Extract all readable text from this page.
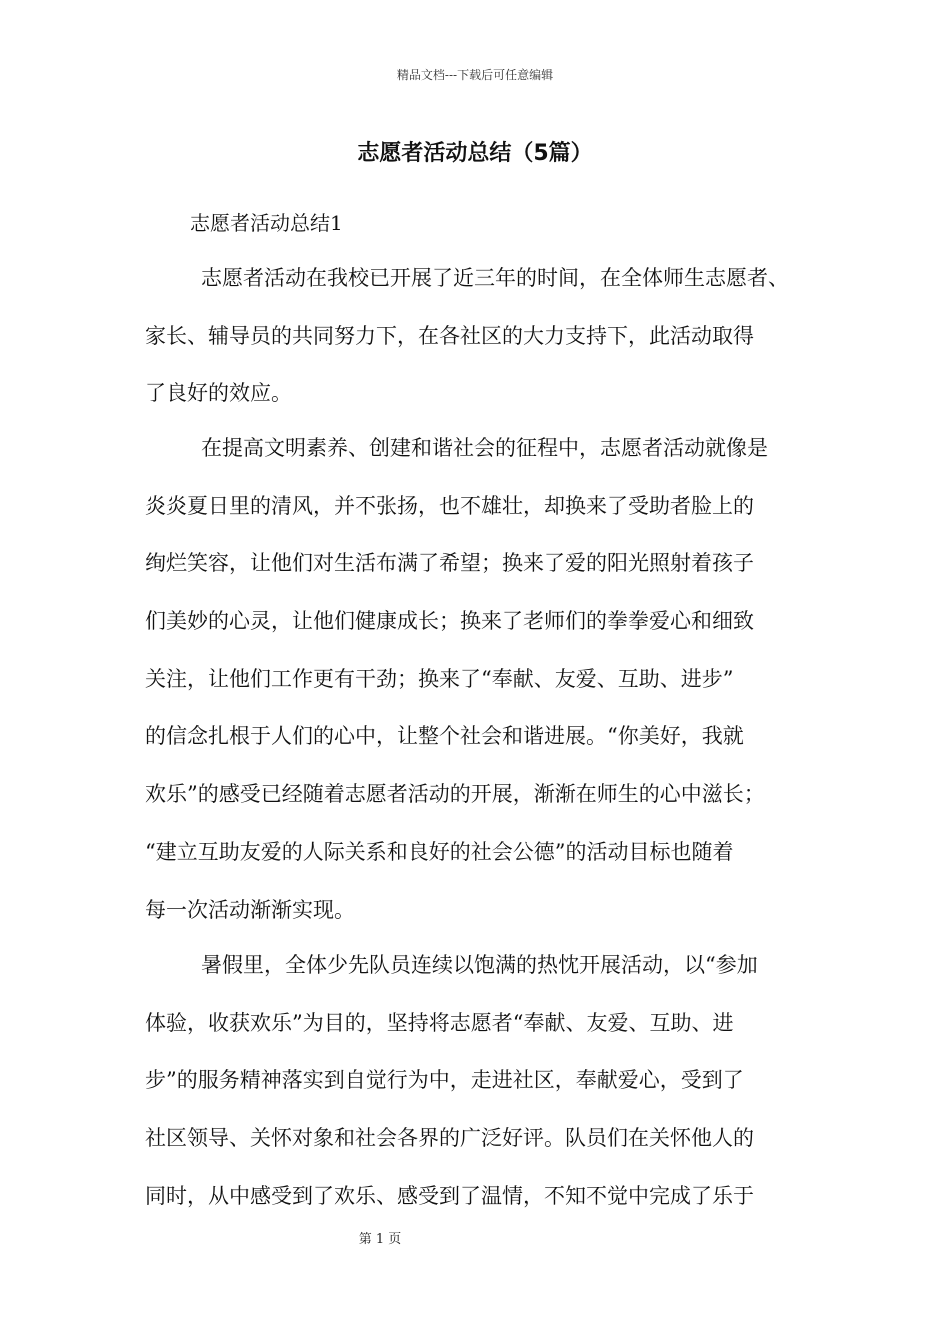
精品文档---下载后可任意编辑
志愿者活动总结（5篇）
志愿者活动总结1
志愿者活动在我校已开展了近三年的时间，在全体师生志愿者、
家长、辅导员的共同努力下，在各社区的大力支持下，此活动取得
了良好的效应。
在提高文明素养、创建和谐社会的征程中，志愿者活动就像是
炎炎夏日里的清风，并不张扬，也不雄壮，却换来了受助者脸上的
绚烂笑容，让他们对生活布满了希望；换来了爱的阳光照射着孩子
们美妙的心灵，让他们健康成长；换来了老师们的拳拳爱心和细致
关注，让他们工作更有干劲；换来了“奉献、友爱、互助、进步”
的信念扎根于人们的心中，让整个社会和谐进展。“你美好，我就
欢乐”的感受已经随着志愿者活动的开展，渐渐在师生的心中滋长；
“建立互助友爱的人际关系和良好的社会公德”的活动目标也随着
每一次活动渐渐实现。
暑假里，全体少先队员连续以饱满的热忱开展活动，以“参加
体验，收获欢乐”为目的，坚持将志愿者“奉献、友爱、互助、进
步”的服务精神落实到自觉行为中，走进社区，奉献爱心，受到了
社区领导、关怀对象和社会各界的广泛好评。队员们在关怀他人的
同时，从中感受到了欢乐、感受到了温情，不知不觉中完成了乐于
第 1 页
